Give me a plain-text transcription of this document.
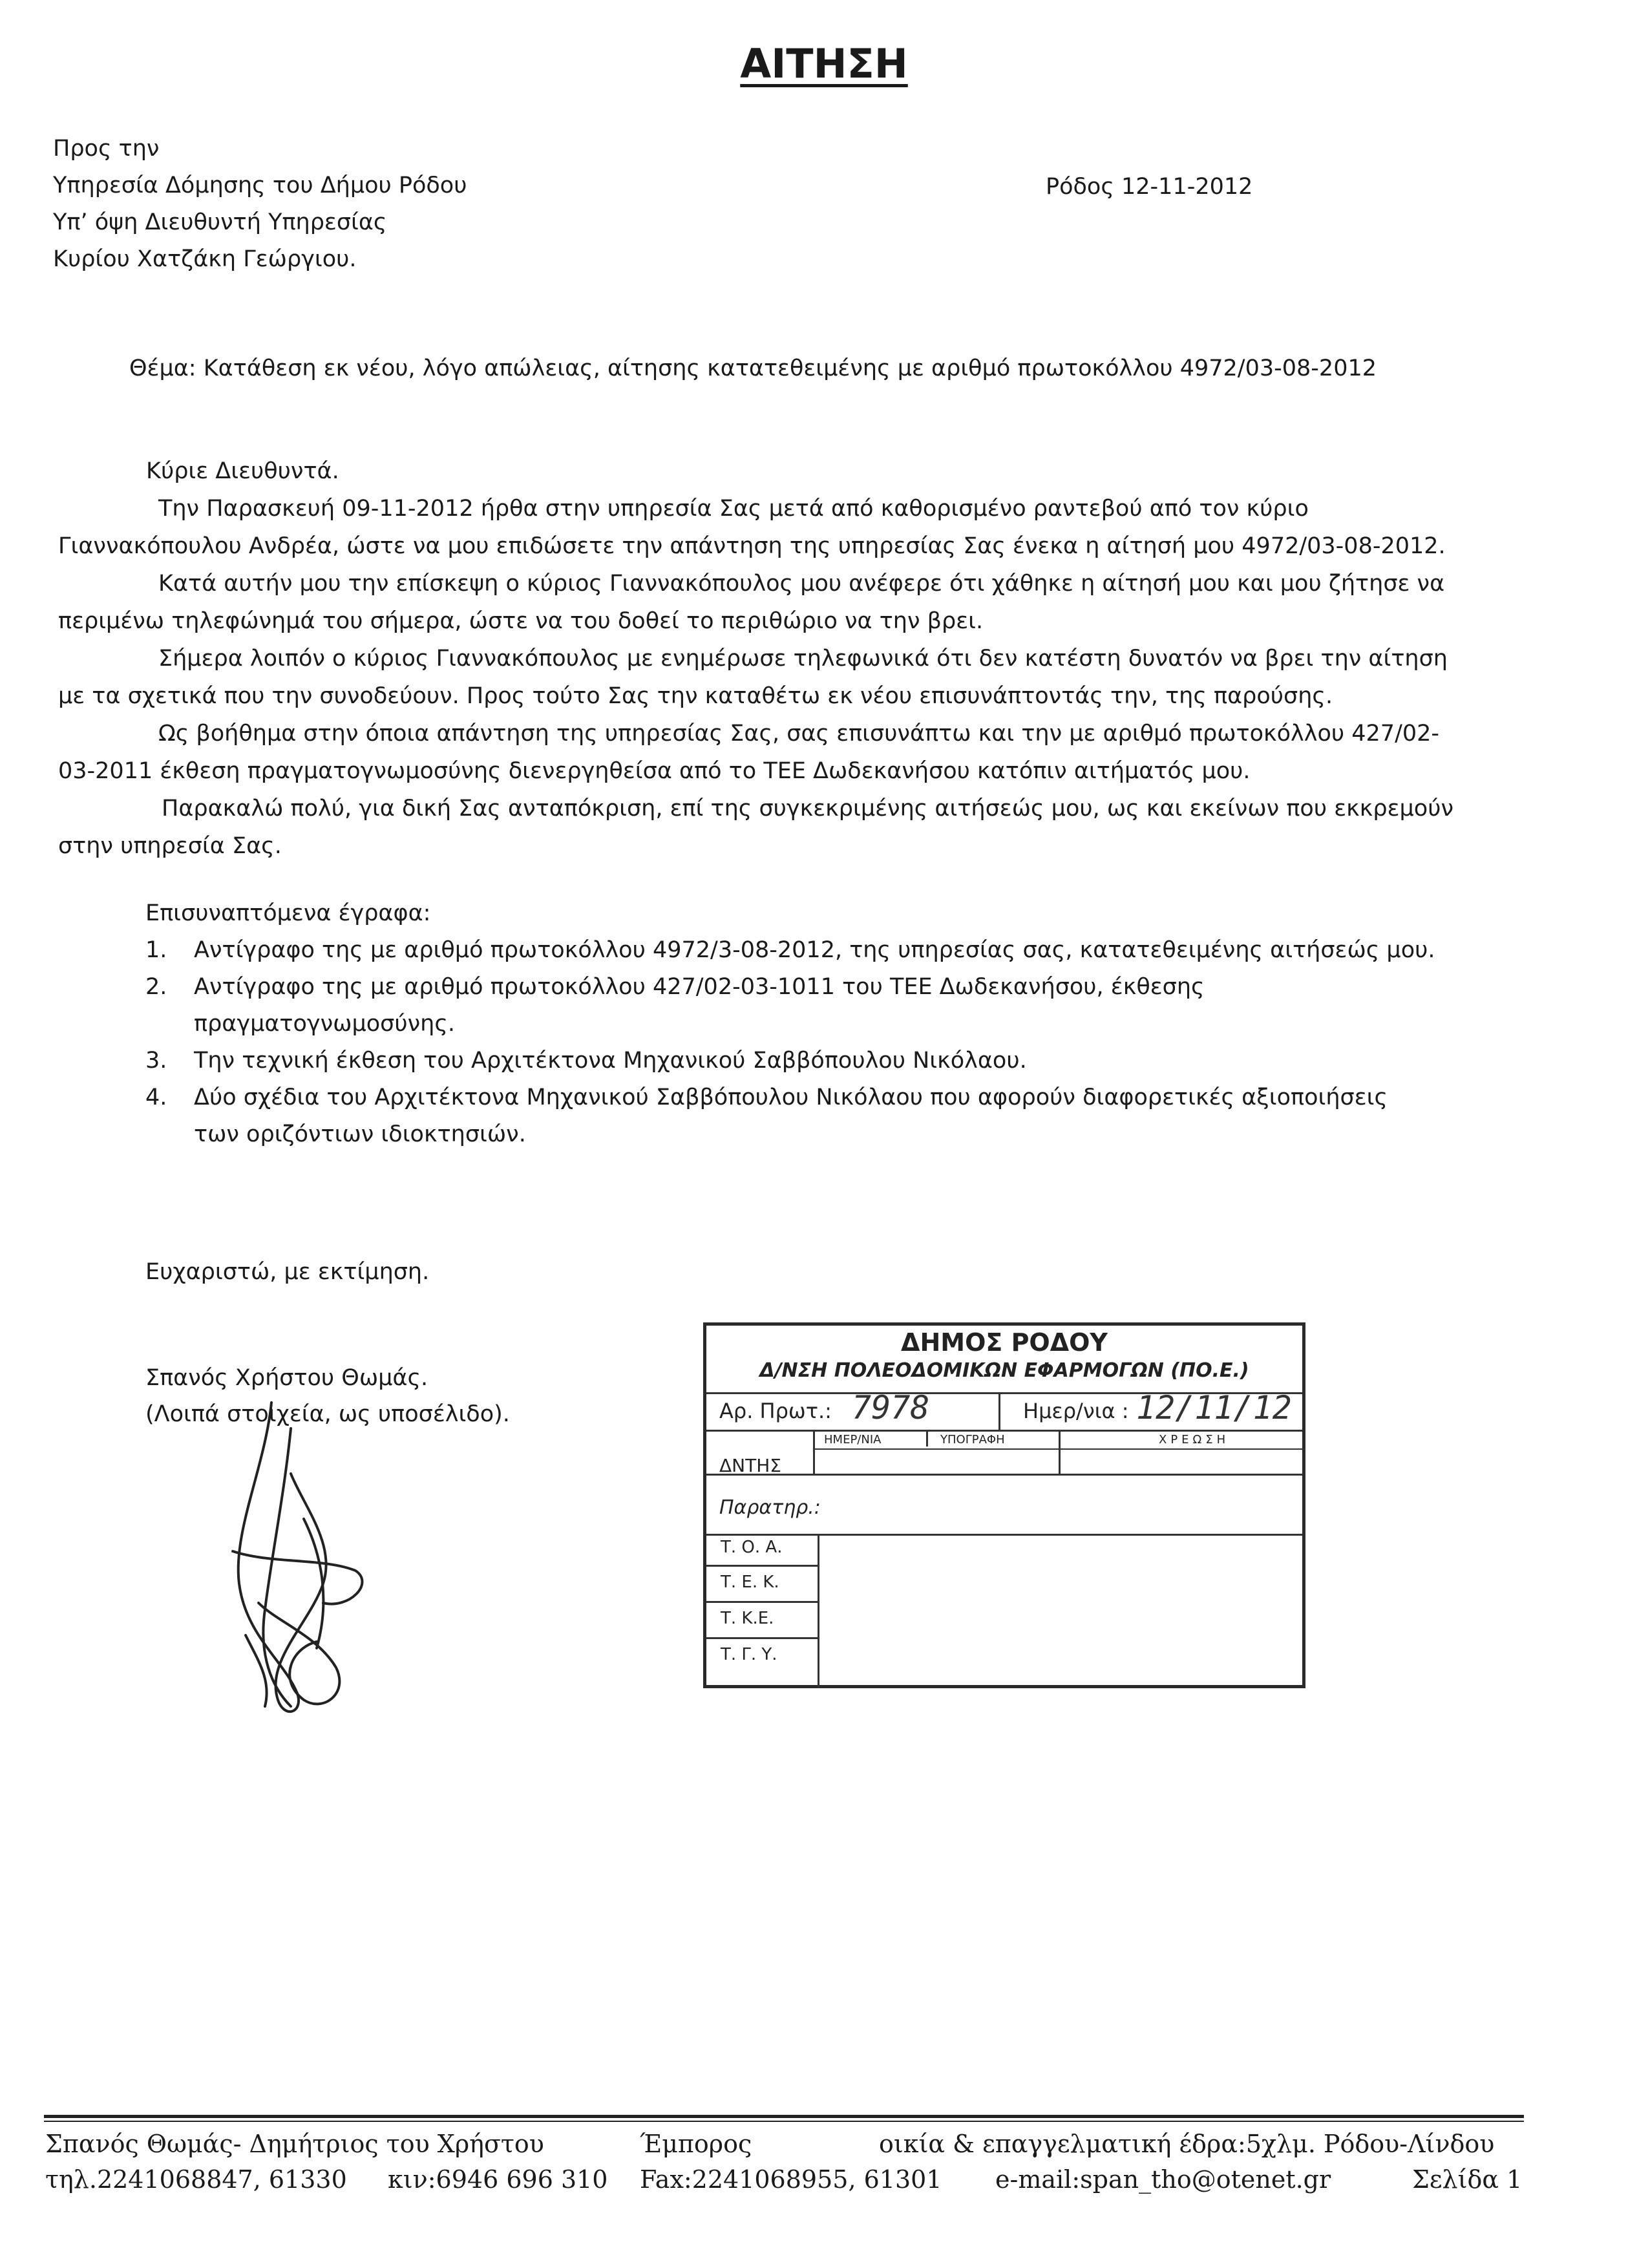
ΑΙΤΗΣΗ
Προς την
Υπηρεσία Δόμησης του Δήμου Ρόδου
Υπ’ όψη Διευθυντή Υπηρεσίας
Κυρίου Χατζάκη Γεώργιου.
Ρόδος 12-11-2012
Θέμα: Κατάθεση εκ νέου, λόγο απώλειας, αίτησης κατατεθειμένης με αριθμό πρωτοκόλλου 4972/03-08-2012

Κύριε Διευθυντά.

Την Παρασκευή 09-11-2012 ήρθα στην υπηρεσία Σας μετά από καθορισμένο ραντεβού από τον κύριο

Γιαννακόπουλου Ανδρέα, ώστε να μου επιδώσετε την απάντηση της υπηρεσίας Σας ένεκα η αίτησή μου 4972/03-08-2012.

Κατά αυτήν μου την επίσκεψη ο κύριος Γιαννακόπουλος μου ανέφερε ότι χάθηκε η αίτησή μου και μου ζήτησε να

περιμένω τηλεφώνημά του σήμερα, ώστε να του δοθεί το περιθώριο να την βρει.

Σήμερα λοιπόν ο κύριος Γιαννακόπουλος με ενημέρωσε τηλεφωνικά ότι δεν κατέστη δυνατόν να βρει την αίτηση

με τα σχετικά που την συνοδεύουν. Προς τούτο Σας την καταθέτω εκ νέου επισυνάπτοντάς την, της παρούσης.

Ως βοήθημα στην όποια απάντηση της υπηρεσίας Σας, σας επισυνάπτω και την με αριθμό πρωτοκόλλου 427/02-

03-2011 έκθεση πραγματογνωμοσύνης διενεργηθείσα από το ΤΕΕ Δωδεκανήσου κατόπιν αιτήματός μου.

Παρακαλώ πολύ, για δική Σας ανταπόκριση, επί της συγκεκριμένης αιτήσεώς μου, ως και εκείνων που εκκρεμούν

στην υπηρεσία Σας.

Επισυναπτόμενα έγραφα:
1. Αντίγραφο της με αριθμό πρωτοκόλλου 4972/3-08-2012, της υπηρεσίας σας, κατατεθειμένης αιτήσεώς μου.
2. Αντίγραφο της με αριθμό πρωτοκόλλου 427/02-03-1011 του ΤΕΕ Δωδεκανήσου, έκθεσης
πραγματογνωμοσύνης.
3. Την τεχνική έκθεση του Αρχιτέκτονα Μηχανικού Σαββόπουλου Νικόλαου.
4. Δύο σχέδια του Αρχιτέκτονα Μηχανικού Σαββόπουλου Νικόλαου που αφορούν διαφορετικές αξιοποιήσεις
των οριζόντιων ιδιοκτησιών.
Ευχαριστώ, με εκτίμηση.
Σπανός Χρήστου Θωμάς.
(Λοιπά στοιχεία, ως υποσέλιδο).
ΔΗΜΟΣ ΡΟΔΟΥ
Δ/ΝΣΗ ΠΟΛΕΟΔΟΜΙΚΩΝ ΕΦΑΡΜΟΓΩΝ (ΠΟ.Ε.)
Αρ. Πρωτ.: 7978	Ημερ/νια : 12/11/12
ΔΝΤΗΣ
ΗΜΕΡ/ΝΙΑ	ΥΠΟΓΡΑΦΗ	ΧΡΕΩΣΗ
Παρατηρ.:
Τ. Ο. Α.
Τ. Ε. Κ.
Τ. Κ.Ε.
Τ. Γ. Υ.
Σπανός Θωμάς- Δημήτριος του Χρήστου	Έμπορος	οικία & επαγγελματική έδρα:5χλμ. Ρόδου-Λίνδου
τηλ.2241068847, 61330 κιν:6946 696 310 Fax:2241068955, 61301 e-mail:span_tho@otenet.gr	Σελίδα 1
